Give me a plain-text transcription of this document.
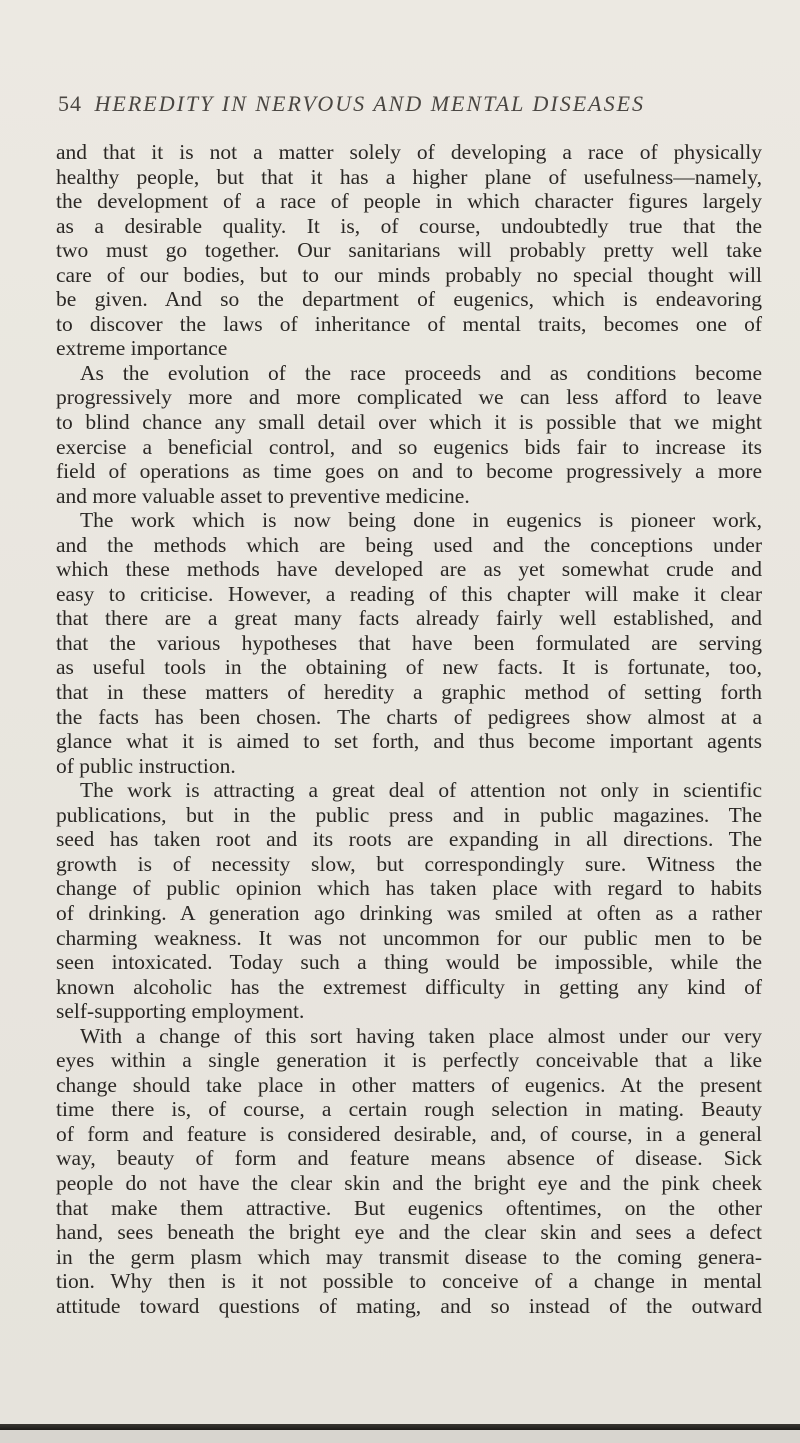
54 HEREDITY IN NERVOUS AND MENTAL DISEASES
and that it is not a matter solely of developing a race of physically
healthy people, but that it has a higher plane of usefulness—namely,
the development of a race of people in which character figures largely
as a desirable quality. It is, of course, undoubtedly true that the
two must go together. Our sanitarians will probably pretty well take
care of our bodies, but to our minds probably no special thought will
be given. And so the department of eugenics, which is endeavoring
to discover the laws of inheritance of mental traits, becomes one of
extreme importance
As the evolution of the race proceeds and as conditions become
progressively more and more complicated we can less afford to leave
to blind chance any small detail over which it is possible that we might
exercise a beneficial control, and so eugenics bids fair to increase its
field of operations as time goes on and to become progressively a more
and more valuable asset to preventive medicine.
The work which is now being done in eugenics is pioneer work,
and the methods which are being used and the conceptions under
which these methods have developed are as yet somewhat crude and
easy to criticise. However, a reading of this chapter will make it clear
that there are a great many facts already fairly well established, and
that the various hypotheses that have been formulated are serving
as useful tools in the obtaining of new facts. It is fortunate, too,
that in these matters of heredity a graphic method of setting forth
the facts has been chosen. The charts of pedigrees show almost at a
glance what it is aimed to set forth, and thus become important agents
of public instruction.
The work is attracting a great deal of attention not only in scientific
publications, but in the public press and in public magazines. The
seed has taken root and its roots are expanding in all directions. The
growth is of necessity slow, but correspondingly sure. Witness the
change of public opinion which has taken place with regard to habits
of drinking. A generation ago drinking was smiled at often as a rather
charming weakness. It was not uncommon for our public men to be
seen intoxicated. Today such a thing would be impossible, while the
known alcoholic has the extremest difficulty in getting any kind of
self-supporting employment.
With a change of this sort having taken place almost under our very
eyes within a single generation it is perfectly conceivable that a like
change should take place in other matters of eugenics. At the present
time there is, of course, a certain rough selection in mating. Beauty
of form and feature is considered desirable, and, of course, in a general
way, beauty of form and feature means absence of disease. Sick
people do not have the clear skin and the bright eye and the pink cheek
that make them attractive. But eugenics oftentimes, on the other
hand, sees beneath the bright eye and the clear skin and sees a defect
in the germ plasm which may transmit disease to the coming genera-
tion. Why then is it not possible to conceive of a change in mental
attitude toward questions of mating, and so instead of the outward
